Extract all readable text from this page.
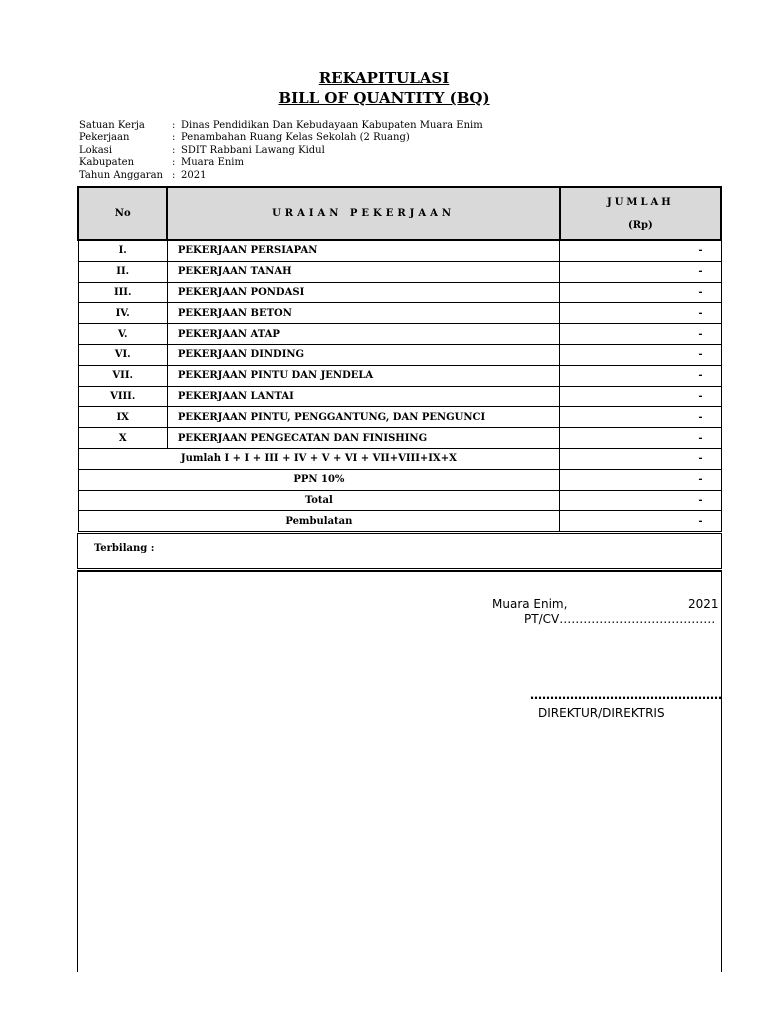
REKAPITULASI
BILL OF QUANTITY (BQ)
Satuan Kerja	: Dinas Pendidikan Dan Kebudayaan Kabupaten Muara Enim
Pekerjaan	: Penambahan Ruang Kelas Sekolah (2 Ruang)
Lokasi	: SDIT Rabbani Lawang Kidul
Kabupaten	: Muara Enim
Tahun Anggaran : 2021
No	URAIAN PEKERJAAN	JUMLAH
(Rp)

I.	PEKERJAAN PERSIAPAN	-
II.	PEKERJAAN TANAH	-
III.	PEKERJAAN PONDASI	-
IV.	PEKERJAAN BETON	-
V.	PEKERJAAN ATAP	-
VI.	PEKERJAAN DINDING	-
VII.	PEKERJAAN PINTU DAN JENDELA	-
VIII.	PEKERJAAN LANTAI	-
IX	PEKERJAAN PINTU, PENGGANTUNG, DAN PENGUNCI	-
X	PEKERJAAN PENGECATAN DAN FINISHING	-
Jumlah I + I + III + IV + V + VI + VII+VIII+IX+X		-
PPN 10%		-
Total		-
Pembulatan		-
Terbilang :
Muara Enim,	2021
PT/CV…………………………………
…………………………………………
DIREKTUR/DIREKTRIS
